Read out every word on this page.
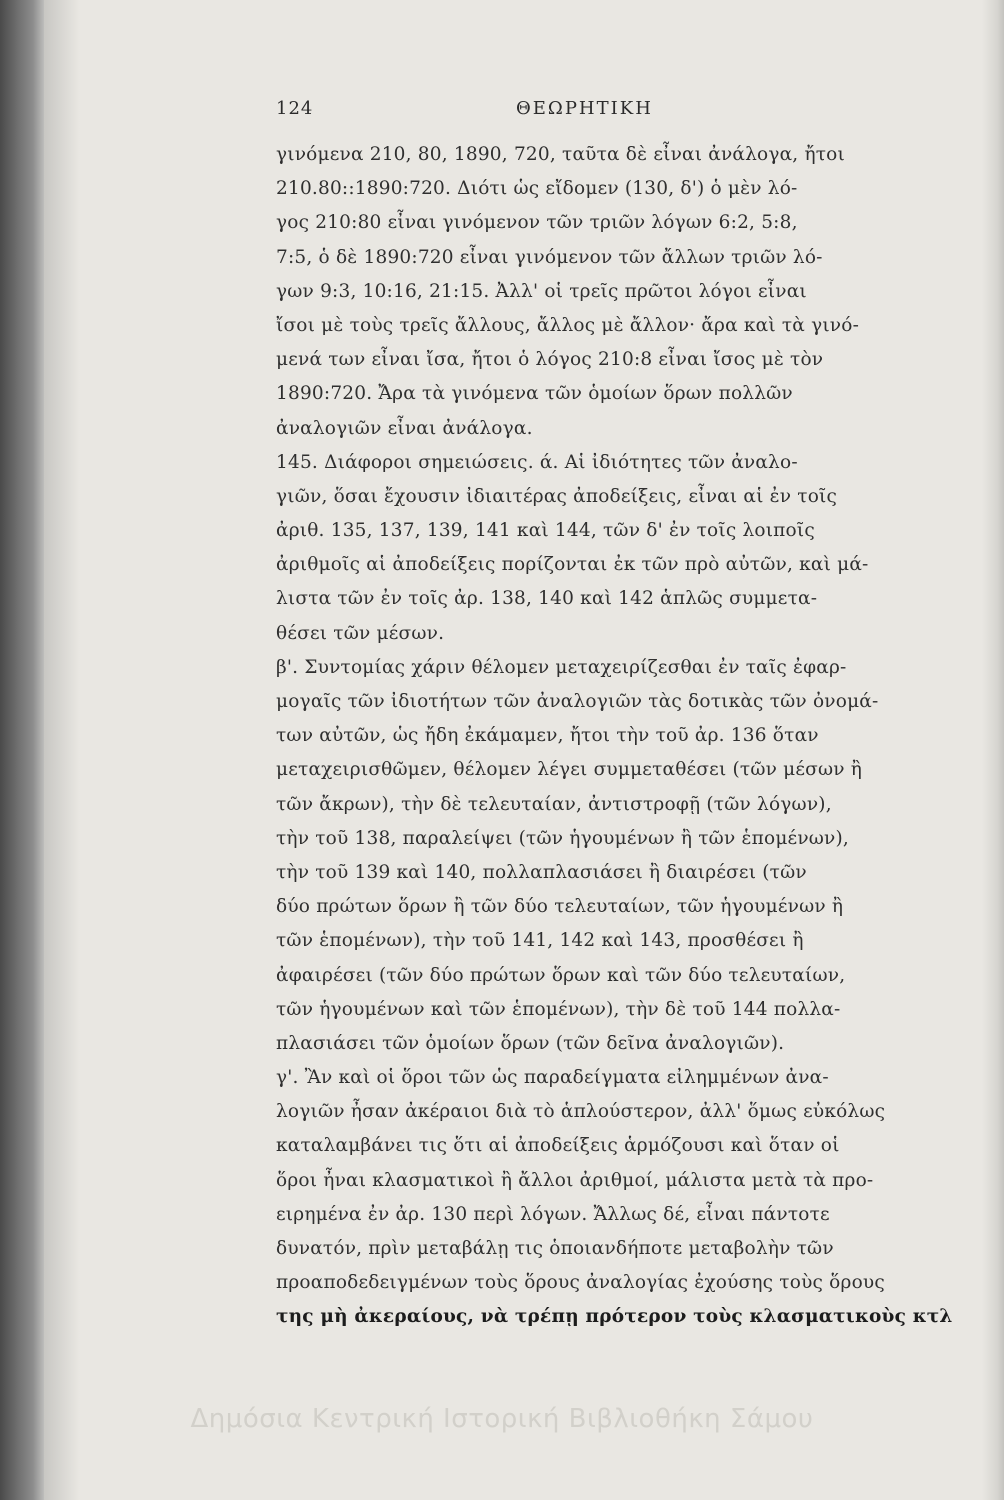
124	ΘΕΩΡΗΤΙΚΗ
γινόμενα 210, 80, 1890, 720, ταῦτα δὲ εἶναι ἀνάλογα, ἤτοι
210.80::1890:720. Διότι ὡς εἴδομεν (130, δ') ὁ μὲν λό-
γος 210:80 εἶναι γινόμενον τῶν τριῶν λόγων 6:2, 5:8,
7:5, ὁ δὲ 1890:720 εἶναι γινόμενον τῶν ἄλλων τριῶν λό-
γων 9:3, 10:16, 21:15. Ἀλλ' οἱ τρεῖς πρῶτοι λόγοι εἶναι
ἴσοι μὲ τοὺς τρεῖς ἄλλους, ἄλλος μὲ ἄλλον· ἄρα καὶ τὰ γινό-
μενά των εἶναι ἴσα, ἤτοι ὁ λόγος 210:8 εἶναι ἴσος μὲ τὸν
1890:720. Ἄρα τὰ γινόμενα τῶν ὁμοίων ὅρων πολλῶν
ἀναλογιῶν εἶναι ἀνάλογα.
145. Διάφοροι σημειώσεις. ά. Αἱ ἰδιότητες τῶν ἀναλο-
γιῶν, ὅσαι ἔχουσιν ἰδιαιτέρας ἀποδείξεις, εἶναι αἱ ἐν τοῖς
ἀριθ. 135, 137, 139, 141 καὶ 144, τῶν δ' ἐν τοῖς λοιποῖς
ἀριθμοῖς αἱ ἀποδείξεις πορίζονται ἐκ τῶν πρὸ αὐτῶν, καὶ μά-
λιστα τῶν ἐν τοῖς ἀρ. 138, 140 καὶ 142 ἁπλῶς συμμετα-
θέσει τῶν μέσων.
β'. Συντομίας χάριν θέλομεν μεταχειρίζεσθαι ἐν ταῖς ἐφαρ-
μογαῖς τῶν ἰδιοτήτων τῶν ἀναλογιῶν τὰς δοτικὰς τῶν ὀνομά-
των αὐτῶν, ὡς ἤδη ἐκάμαμεν, ἤτοι τὴν τοῦ ἀρ. 136 ὅταν
μεταχειρισθῶμεν, θέλομεν λέγει συμμεταθέσει (τῶν μέσων ἢ
τῶν ἄκρων), τὴν δὲ τελευταίαν, ἀντιστροφῇ (τῶν λόγων),
τὴν τοῦ 138, παραλείψει (τῶν ἡγουμένων ἢ τῶν ἑπομένων),
τὴν τοῦ 139 καὶ 140, πολλαπλασιάσει ἢ διαιρέσει (τῶν
δύο πρώτων ὅρων ἢ τῶν δύο τελευταίων, τῶν ἡγουμένων ἢ
τῶν ἑπομένων), τὴν τοῦ 141, 142 καὶ 143, προσθέσει ἢ
ἀφαιρέσει (τῶν δύο πρώτων ὅρων καὶ τῶν δύο τελευταίων,
τῶν ἡγουμένων καὶ τῶν ἑπομένων), τὴν δὲ τοῦ 144 πολλα-
πλασιάσει τῶν ὁμοίων ὅρων (τῶν δεῖνα ἀναλογιῶν).
γ'. Ἂν καὶ οἱ ὅροι τῶν ὡς παραδείγματα εἰλημμένων ἀνα-
λογιῶν ἦσαν ἀκέραιοι διὰ τὸ ἁπλούστερον, ἀλλ' ὅμως εὐκόλως
καταλαμβάνει τις ὅτι αἱ ἀποδείξεις ἁρμόζουσι καὶ ὅταν οἱ
ὅροι ἦναι κλασματικοὶ ἢ ἄλλοι ἀριθμοί, μάλιστα μετὰ τὰ προ-
ειρημένα ἐν ἀρ. 130 περὶ λόγων. Ἄλλως δέ, εἶναι πάντοτε
δυνατόν, πρὶν μεταβάλῃ τις ὁποιανδήποτε μεταβολὴν τῶν
προαποδεδειγμένων τοὺς ὅρους ἀναλογίας ἐχούσης τοὺς ὅρους
της μὴ ἀκεραίους, νὰ τρέπῃ πρότερον τοὺς κλασματικοὺς κτλ
Δημόσια Κεντρική Ιστορική Βιβλιοθήκη Σάμου
